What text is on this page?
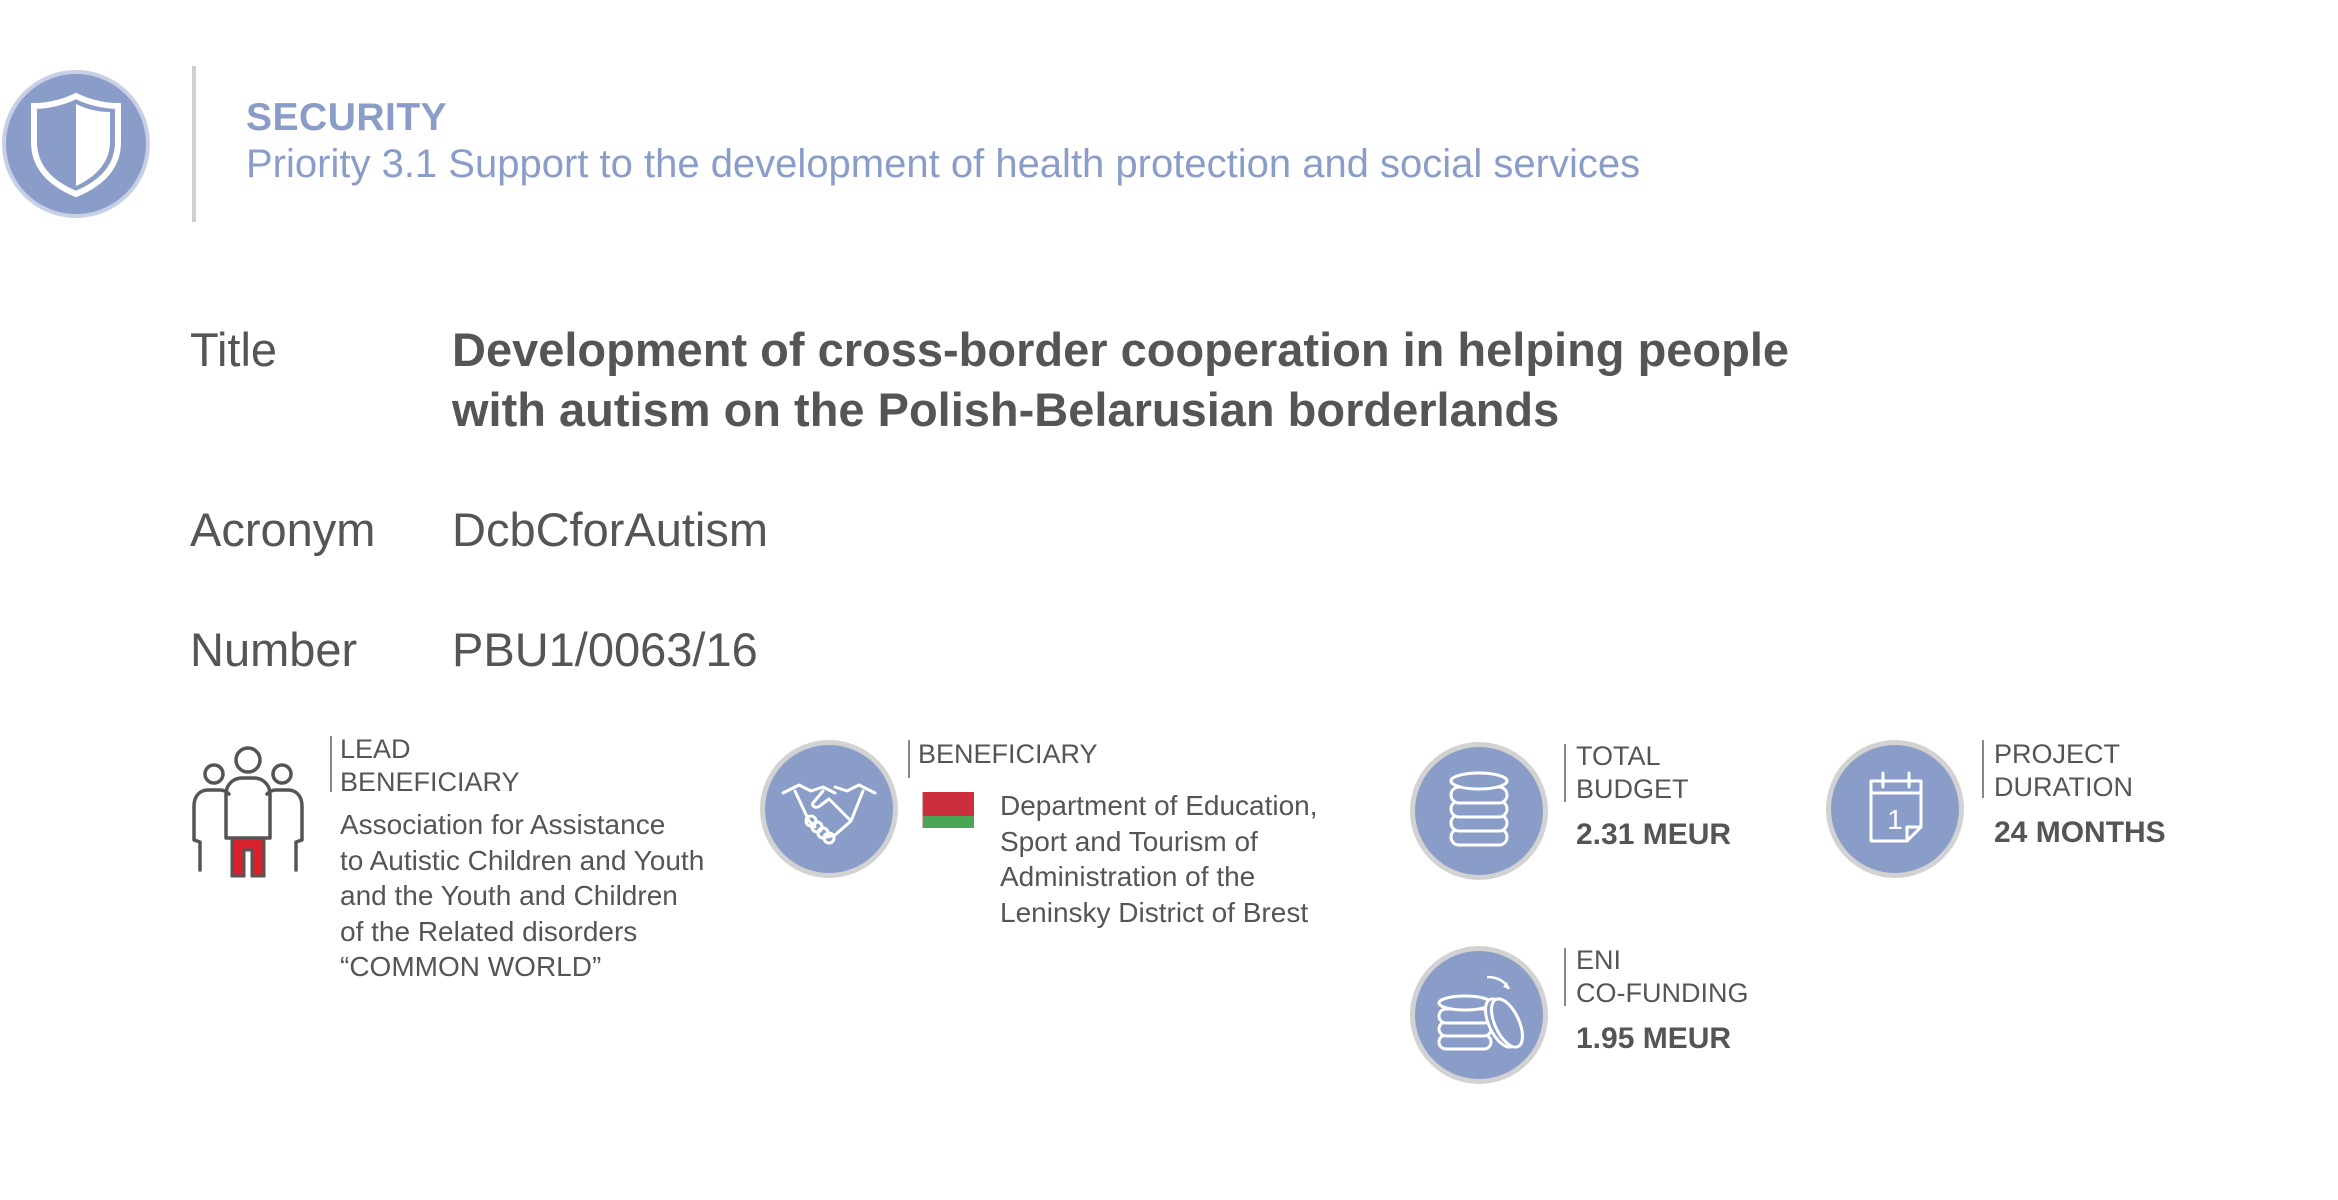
SECURITY
Priority 3.1 Support to the development of health protection and social services
Title	Development of cross-border cooperation in helping people
with autism on the Polish-Belarusian borderlands
Acronym DcbCforAutism
Number PBU1/0063/16
LEAD
BENEFICIARY
Association for Assistance
to Autistic Children and Youth
and the Youth and Children
of the Related disorders
“COMMON WORLD”
BENEFICIARY
Department of Education,
Sport and Tourism of
Administration of the
Leninsky District of Brest
TOTAL
BUDGET
2.31 MEUR	1
PROJECT
DURATION
24 MONTHS
ENI
CO-FUNDING
1.95 MEUR
